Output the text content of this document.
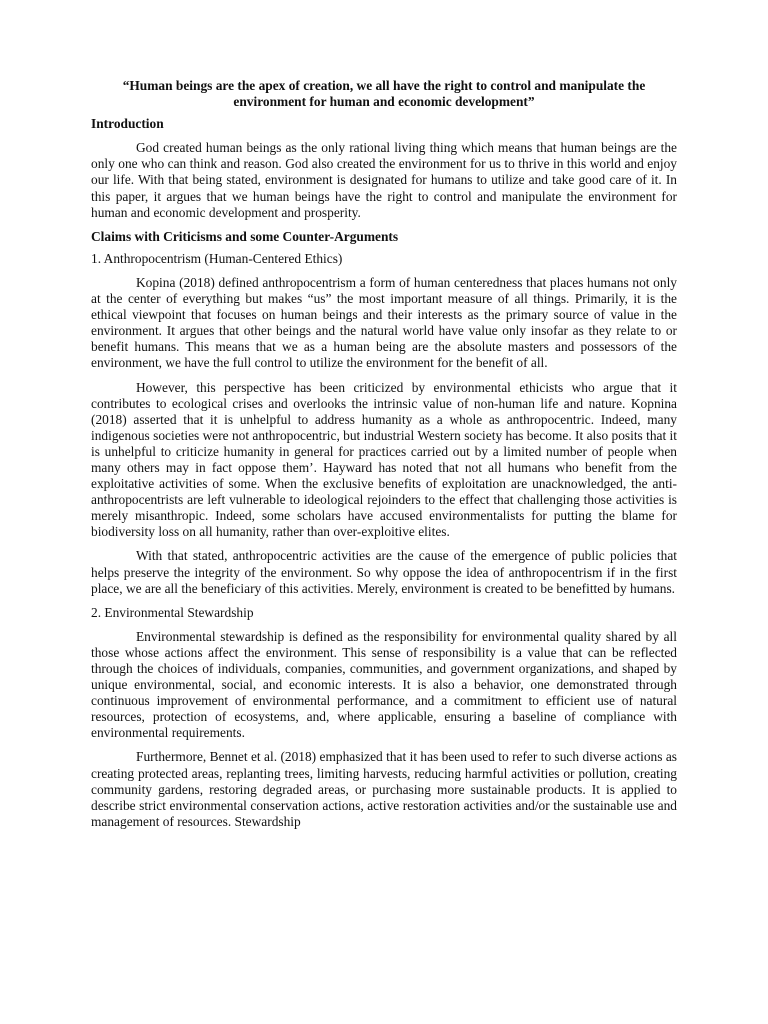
“Human beings are the apex of creation, we all have the right to control and manipulate the environment for human and economic development”
Introduction

God created human beings as the only rational living thing which means that human beings are the only one who can think and reason. God also created the environment for us to thrive in this world and enjoy our life. With that being stated, environment is designated for humans to utilize and take good care of it. In this paper, it argues that we human beings have the right to control and manipulate the environment for human and economic development and prosperity.

Claims with Criticisms and some Counter-Arguments
1. Anthropocentrism (Human-Centered Ethics)

Kopina (2018) defined anthropocentrism a form of human centeredness that places humans not only at the center of everything but makes “us” the most important measure of all things. Primarily, it is the ethical viewpoint that focuses on human beings and their interests as the primary source of value in the environment. It argues that other beings and the natural world have value only insofar as they relate to or benefit humans. This means that we as a human being are the absolute masters and possessors of the environment, we have the full control to utilize the environment for the benefit of all.

However, this perspective has been criticized by environmental ethicists who argue that it contributes to ecological crises and overlooks the intrinsic value of non-human life and nature. Kopnina (2018) asserted that it is unhelpful to address humanity as a whole as anthropocentric. Indeed, many indigenous societies were not anthropocentric, but industrial Western society has become. It also posits that it is unhelpful to criticize humanity in general for practices carried out by a limited number of people when many others may in fact oppose them’. Hayward has noted that not all humans who benefit from the exploitative activities of some. When the exclusive benefits of exploitation are unacknowledged, the anti-anthropocentrists are left vulnerable to ideological rejoinders to the effect that challenging those activities is merely misanthropic. Indeed, some scholars have accused environmentalists for putting the blame for biodiversity loss on all humanity, rather than over-exploitive elites.

With that stated, anthropocentric activities are the cause of the emergence of public policies that helps preserve the integrity of the environment. So why oppose the idea of anthropocentrism if in the first place, we are all the beneficiary of this activities. Merely, environment is created to be benefitted by humans.

2. Environmental Stewardship

Environmental stewardship is defined as the responsibility for environmental quality shared by all those whose actions affect the environment. This sense of responsibility is a value that can be reflected through the choices of individuals, companies, communities, and government organizations, and shaped by unique environmental, social, and economic interests. It is also a behavior, one demonstrated through continuous improvement of environmental performance, and a commitment to efficient use of natural resources, protection of ecosystems, and, where applicable, ensuring a baseline of compliance with environmental requirements.

Furthermore, Bennet et al. (2018) emphasized that it has been used to refer to such diverse actions as creating protected areas, replanting trees, limiting harvests, reducing harmful activities or pollution, creating community gardens, restoring degraded areas, or purchasing more sustainable products. It is applied to describe strict environmental conservation actions, active restoration activities and/or the sustainable use and management of resources. Stewardship
